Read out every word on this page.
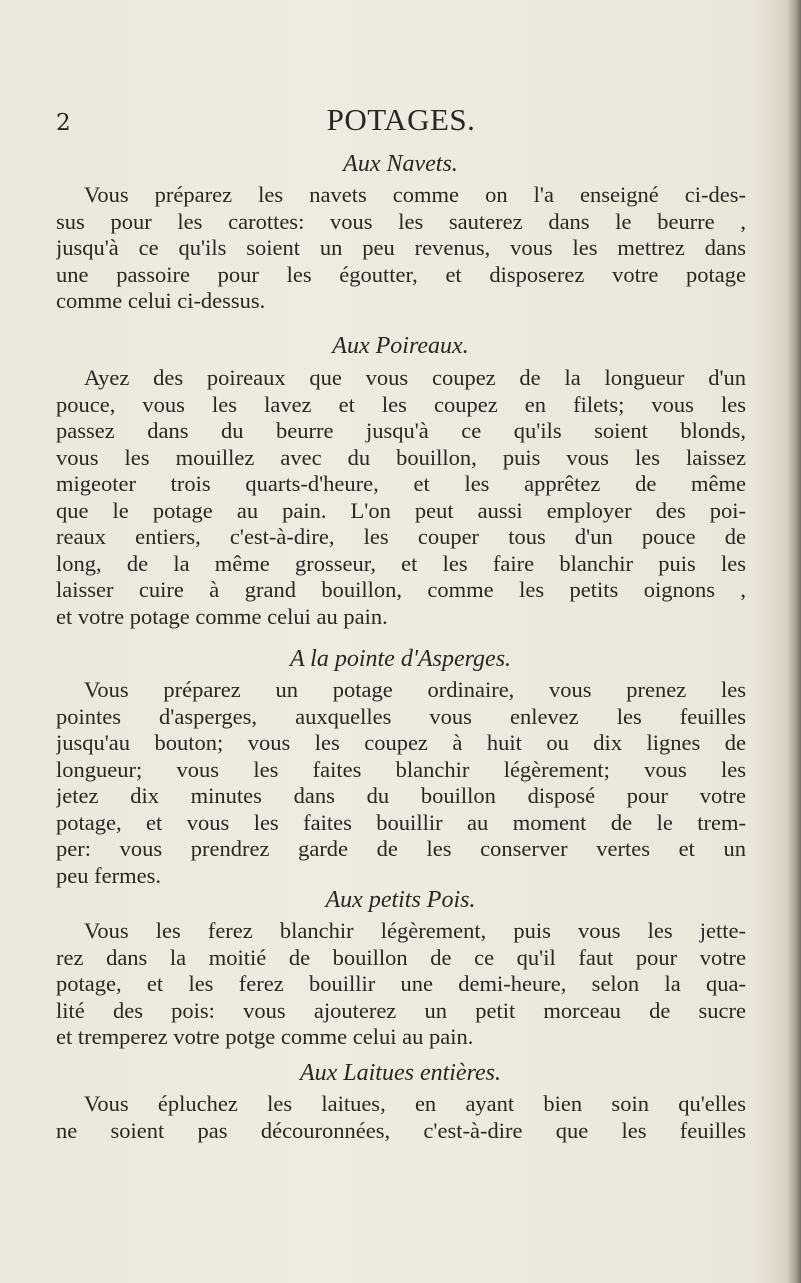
2	POTAGES.
Aux Navets.
Vous préparez les navets comme on l'a enseigné ci-des-
sus pour les carottes: vous les sauterez dans le beurre ,
jusqu'à ce qu'ils soient un peu revenus, vous les mettrez dans
une passoire pour les égoutter, et disposerez votre potage
comme celui ci-dessus.
Aux Poireaux.
Ayez des poireaux que vous coupez de la longueur d'un
pouce, vous les lavez et les coupez en filets; vous les
passez dans du beurre jusqu'à ce qu'ils soient blonds,
vous les mouillez avec du bouillon, puis vous les laissez
migeoter trois quarts-d'heure, et les apprêtez de même
que le potage au pain. L'on peut aussi employer des poi-
reaux entiers, c'est-à-dire, les couper tous d'un pouce de
long, de la même grosseur, et les faire blanchir puis les
laisser cuire à grand bouillon, comme les petits oignons ,
et votre potage comme celui au pain.
A la pointe d'Asperges.
Vous préparez un potage ordinaire, vous prenez les
pointes d'asperges, auxquelles vous enlevez les feuilles
jusqu'au bouton; vous les coupez à huit ou dix lignes de
longueur; vous les faites blanchir légèrement; vous les
jetez dix minutes dans du bouillon disposé pour votre
potage, et vous les faites bouillir au moment de le trem-
per: vous prendrez garde de les conserver vertes et un
peu fermes.
Aux petits Pois.
Vous les ferez blanchir légèrement, puis vous les jette-
rez dans la moitié de bouillon de ce qu'il faut pour votre
potage, et les ferez bouillir une demi-heure, selon la qua-
lité des pois: vous ajouterez un petit morceau de sucre
et tremperez votre potge comme celui au pain.
Aux Laitues entières.
Vous épluchez les laitues, en ayant bien soin qu'elles
ne soient pas découronnées, c'est-à-dire que les feuilles
